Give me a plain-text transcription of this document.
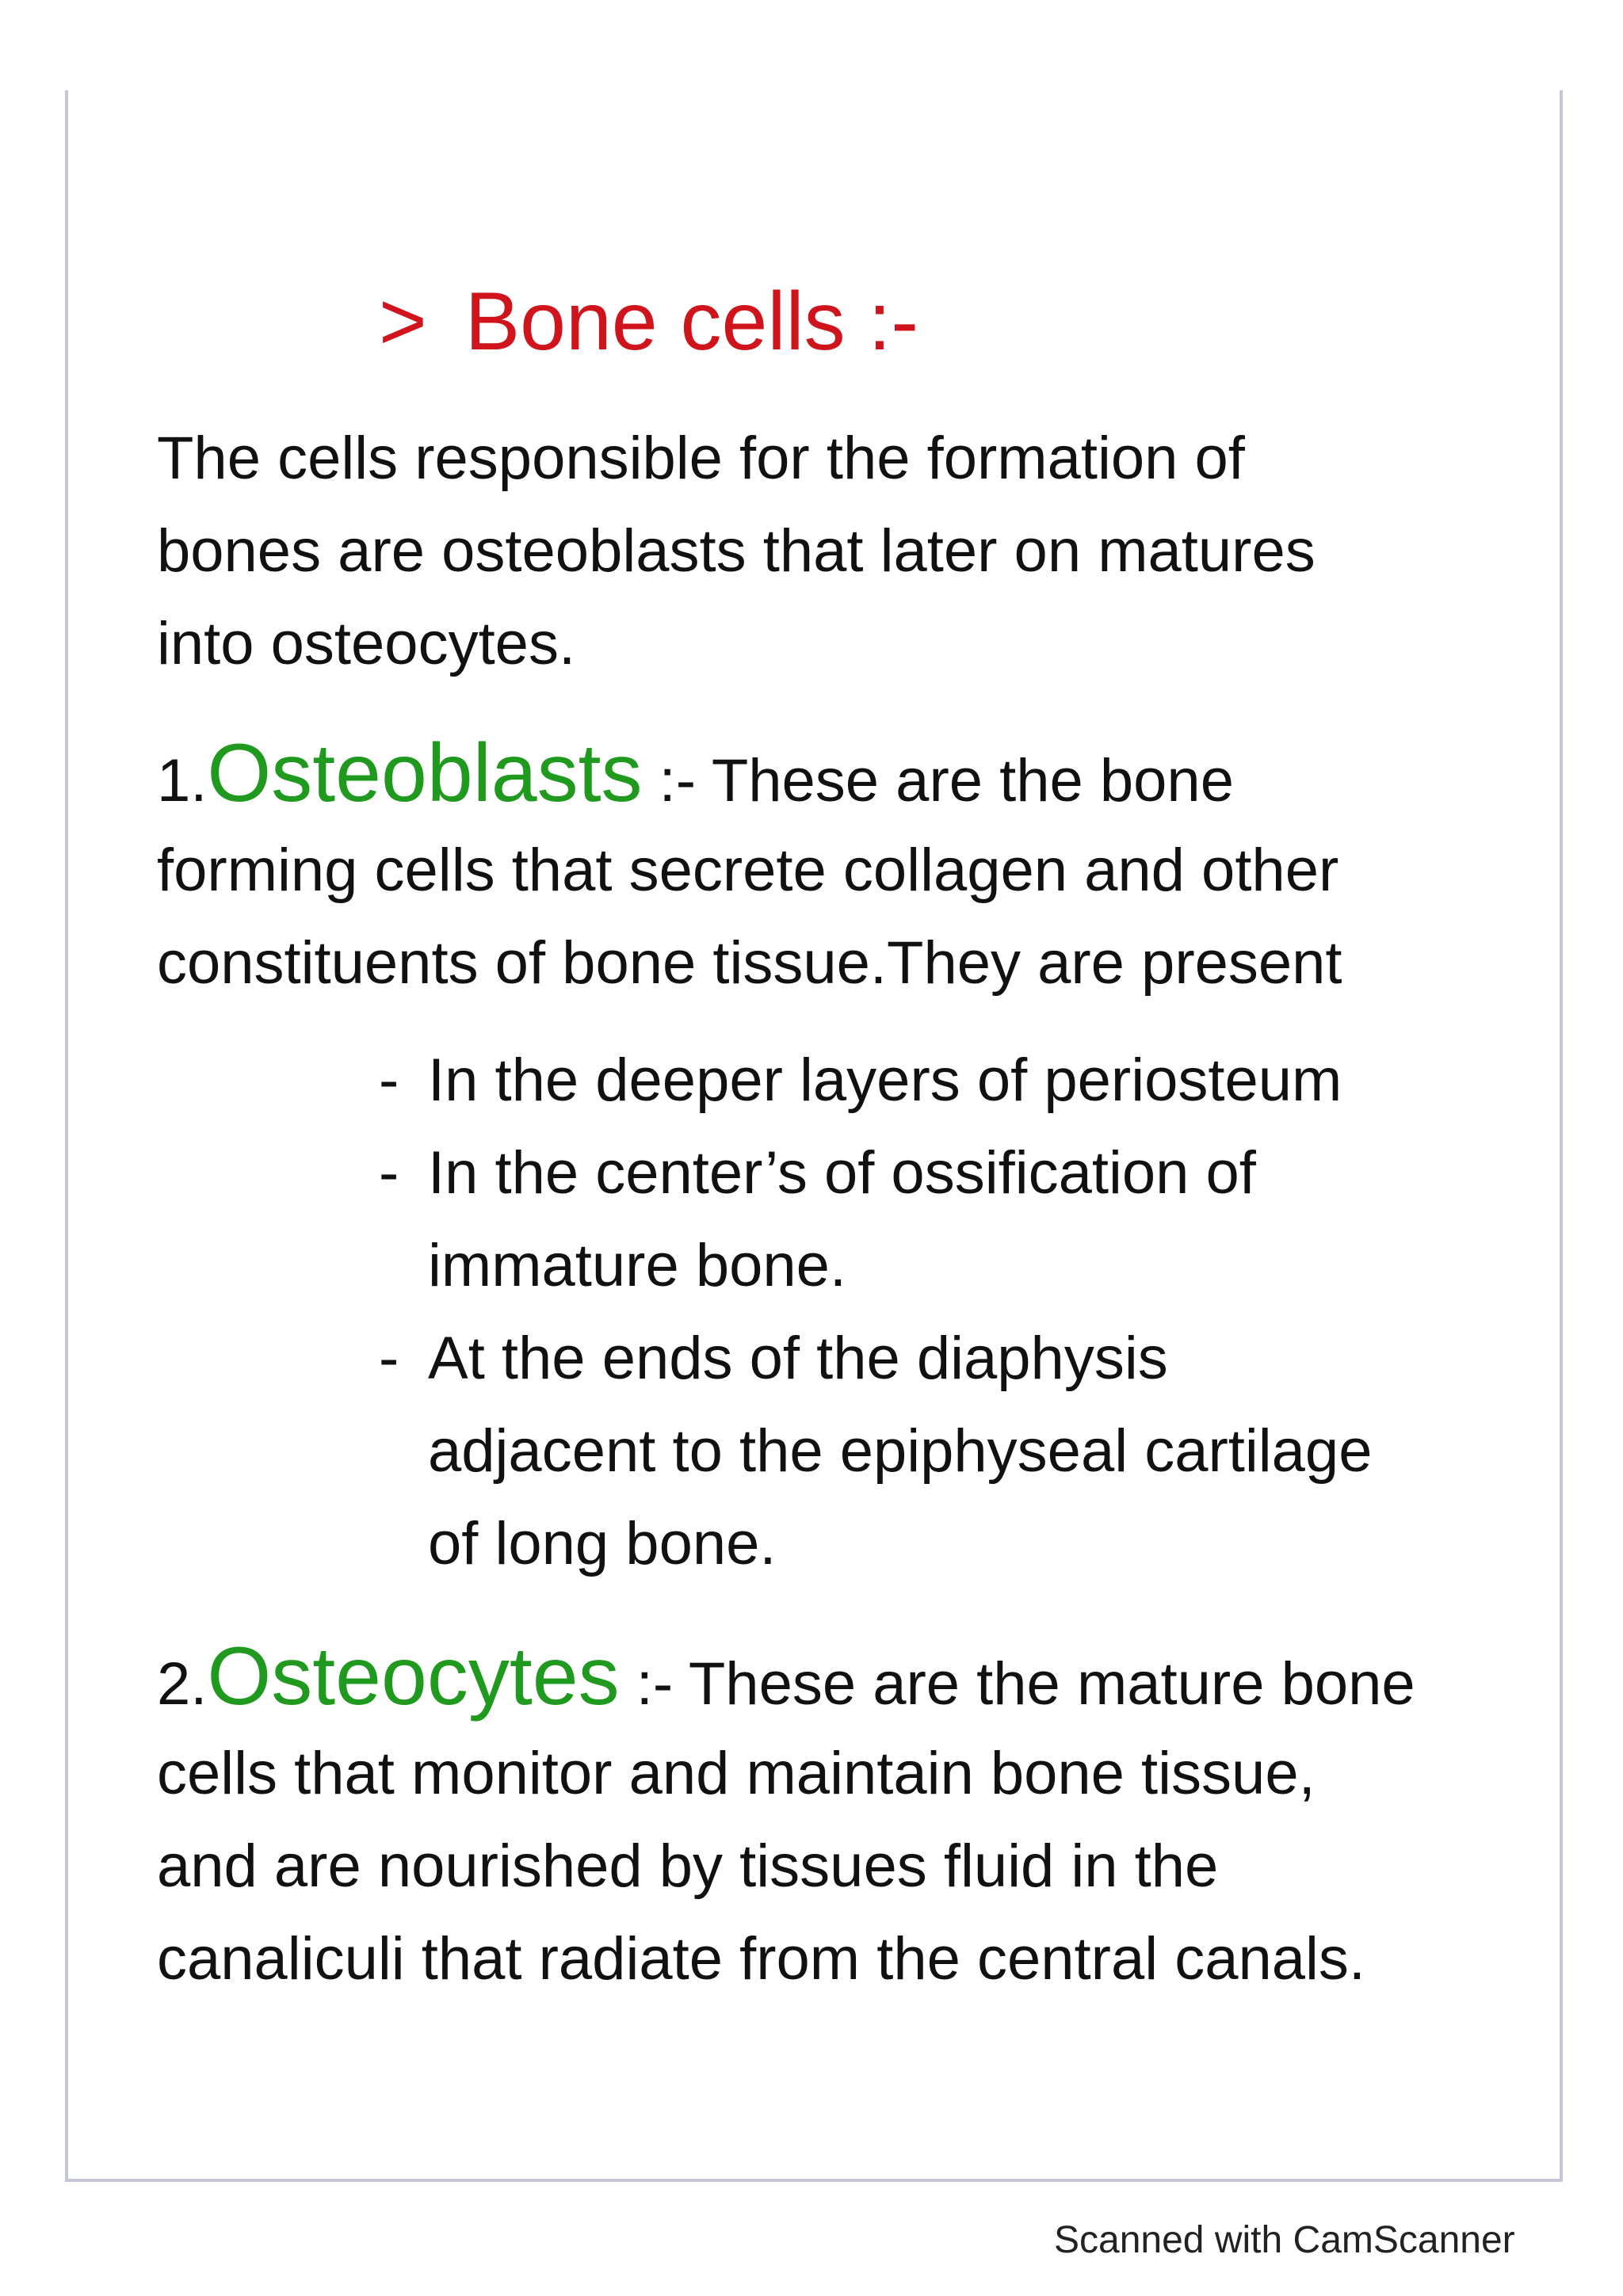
> Bone cells :-
The cells responsible for the formation of
bones are osteoblasts that later on matures
into osteocytes.
1.Osteoblasts :- These are the bone
forming cells that secrete collagen and other
constituents of bone tissue.They are present
- In the deeper layers of periosteum
- In the center’s of ossification of
immature bone.
- At the ends of the diaphysis
adjacent to the epiphyseal cartilage
of long bone.
2.Osteocytes :- These are the mature bone
cells that monitor and maintain bone tissue,
and are nourished by tissues fluid in the
canaliculi that radiate from the central canals.
Scanned with CamScanner
